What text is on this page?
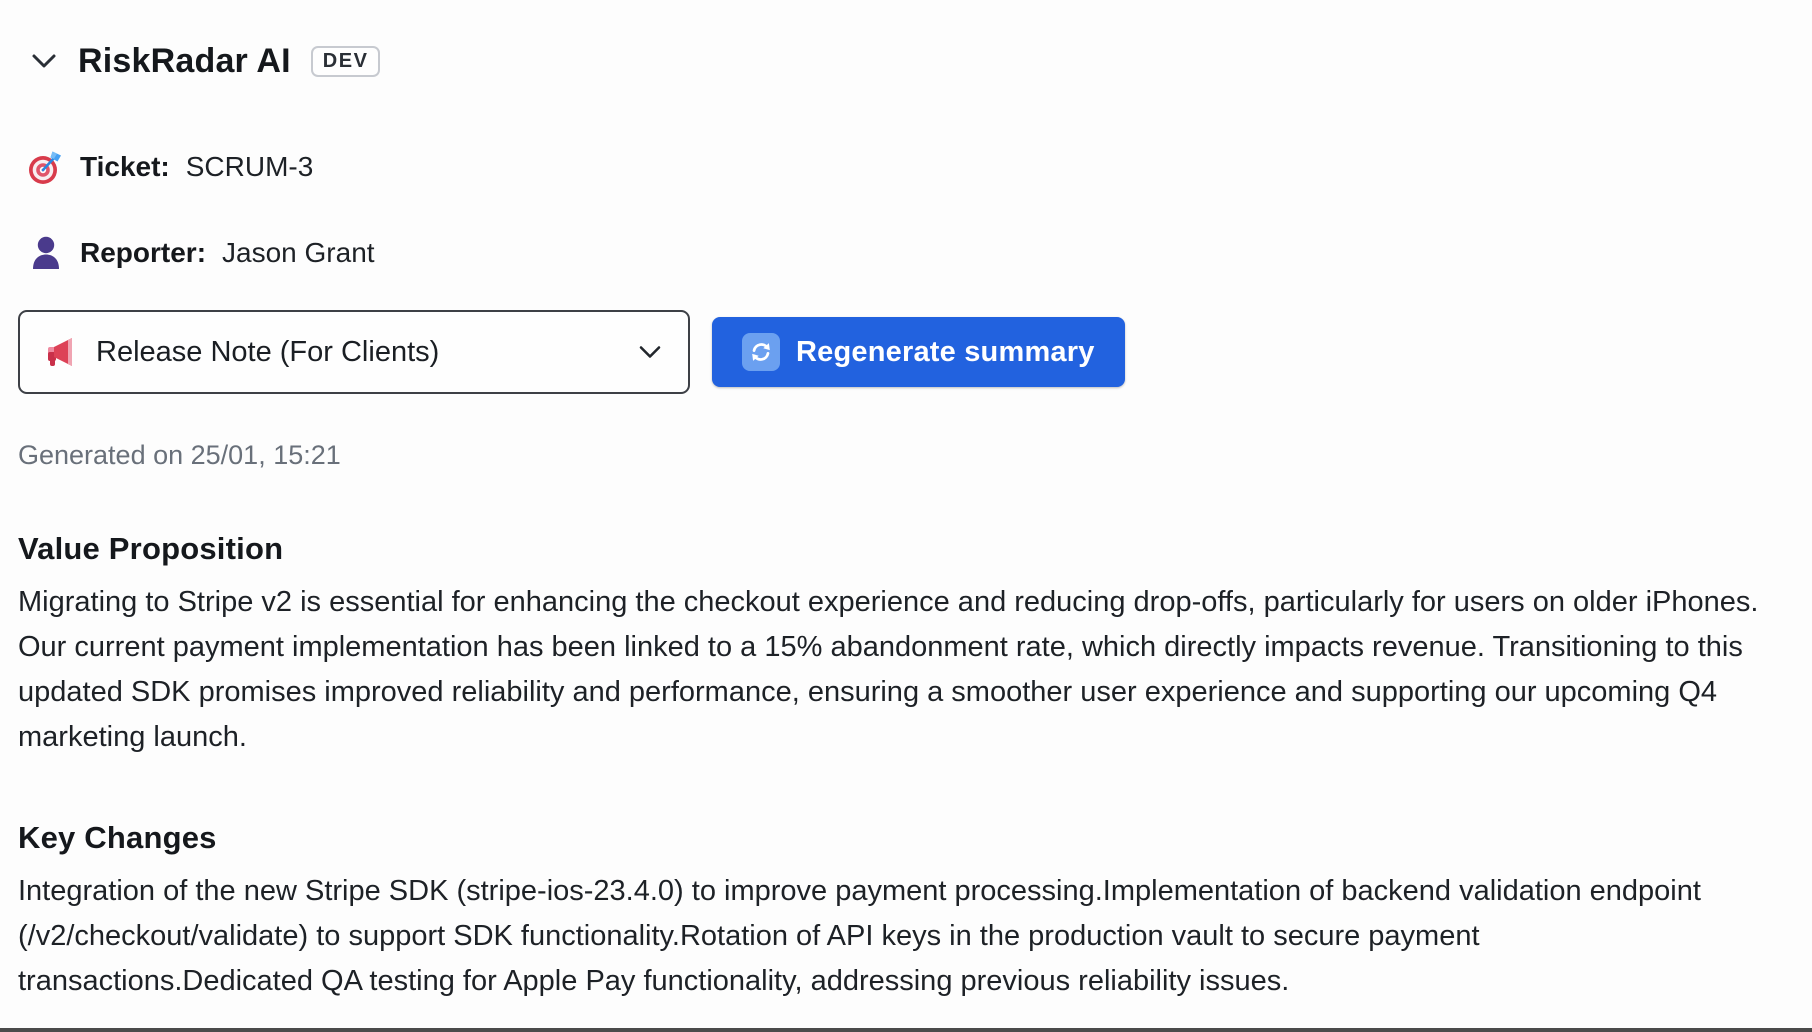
RiskRadar AI	DEV
Ticket: SCRUM-3
Reporter: Jason Grant
Release Note (For Clients)	Regenerate summary
Generated on 25/01, 15:21
Value Proposition

Migrating to Stripe v2 is essential for enhancing the checkout experience and reducing drop-offs, particularly for users on older iPhones. Our current payment implementation has been linked to a 15% abandonment rate, which directly impacts revenue. Transitioning to this updated SDK promises improved reliability and performance, ensuring a smoother user experience and supporting our upcoming Q4 marketing launch.

Key Changes

Integration of the new Stripe SDK (stripe-ios-23.4.0) to improve payment processing.Implementation of backend validation endpoint (/v2/checkout/validate) to support SDK functionality.Rotation of API keys in the production vault to secure payment transactions.Dedicated QA testing for Apple Pay functionality, addressing previous reliability issues.
